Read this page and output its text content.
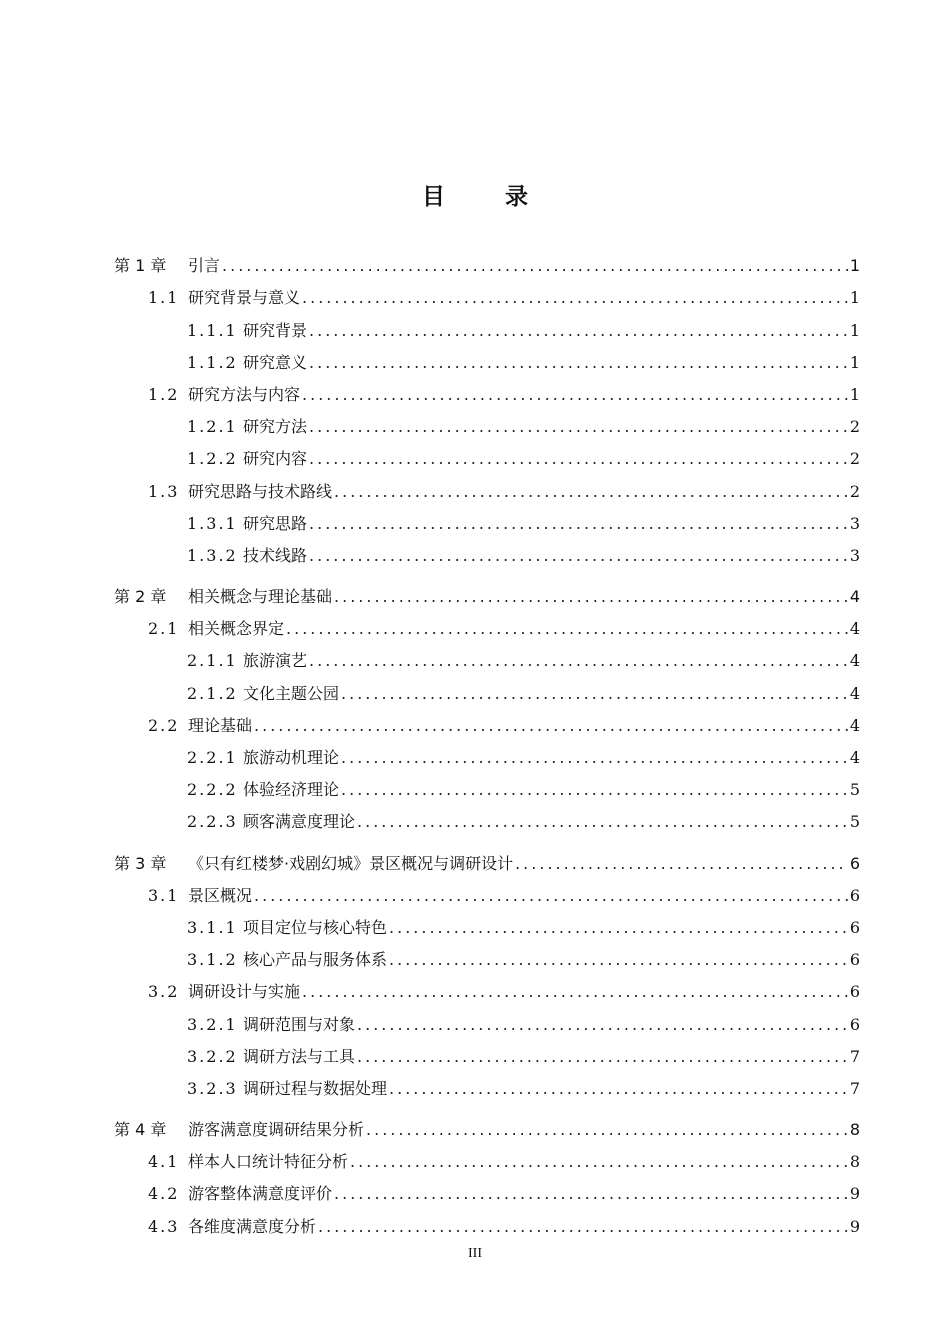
目	录
第 1 章 引言 .....	1
1.1 研究背景与意义 .....	1
1.1.1 研究背景 .....	1
1.1.2 研究意义 .....	1
1.2 研究方法与内容 .....	1
1.2.1 研究方法 .....	2
1.2.2 研究内容 .....	2
1.3 研究思路与技术路线 .....	2
1.3.1 研究思路 .....	3
1.3.2 技术线路 .....	3
第 2 章 相关概念与理论基础 .....	4
2.1 相关概念界定 .....	4
2.1.1 旅游演艺 .....	4
2.1.2 文化主题公园 .....	4
2.2 理论基础 .....	4
2.2.1 旅游动机理论 .....	4
2.2.2 体验经济理论 .....	5
2.2.3 顾客满意度理论 .....	5
第 3 章 《只有红楼梦·戏剧幻城》景区概况与调研设计 .....	6
3.1 景区概况 .....	6
3.1.1 项目定位与核心特色 .....	6
3.1.2 核心产品与服务体系 .....	6
3.2 调研设计与实施 .....	6
3.2.1 调研范围与对象 .....	6
3.2.2 调研方法与工具 .....	7
3.2.3 调研过程与数据处理 .....	7
第 4 章 游客满意度调研结果分析 .....	8
4.1 样本人口统计特征分析 .....	8
4.2 游客整体满意度评价 .....	9
4.3 各维度满意度分析 .....	9
III
